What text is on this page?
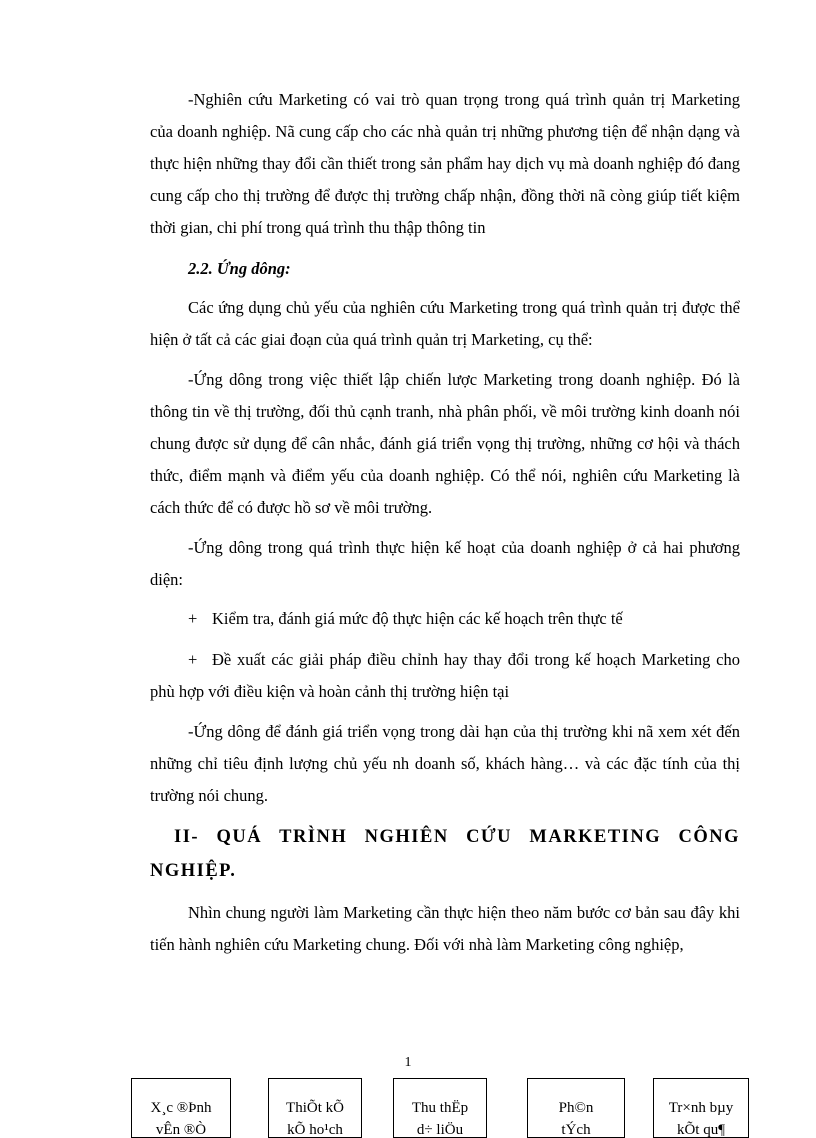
-Nghiên cứu Marketing có vai trò quan trọng trong quá trình quản trị Marketing của doanh nghiệp. Nã cung cấp cho các nhà quản trị những phương tiện để nhận dạng và thực hiện những thay đổi cần thiết trong sản phẩm hay dịch vụ mà doanh nghiệp đó đang cung cấp cho thị trường để được thị trường chấp nhận, đồng thời nã còng giúp tiết kiệm thời gian, chi phí trong quá trình thu thập thông tin

2.2. Ứng dông:

Các ứng dụng chủ yếu của nghiên cứu Marketing trong quá trình quản trị được thể hiện ở tất cả các giai đoạn của quá trình quản trị Marketing, cụ thể:

-Ứng dông trong việc thiết lập chiến lược Marketing trong doanh nghiệp. Đó là thông tin về thị trường, đối thủ cạnh tranh, nhà phân phối, về môi trường kinh doanh nói chung được sử dụng để cân nhắc, đánh giá triển vọng thị trường, những cơ hội và thách thức, điểm mạnh và điểm yếu của doanh nghiệp. Có thể nói, nghiên cứu Marketing là cách thức để có được hồ sơ về môi trường.

-Ứng dông trong quá trình thực hiện kế hoạt của doanh nghiệp ở cả hai phương diện:

+ Kiểm tra, đánh giá mức độ thực hiện các kế hoạch trên thực tế

+ Đề xuất các giải pháp điều chỉnh hay thay đổi trong kế hoạch Marketing cho phù hợp với điều kiện và hoàn cảnh thị trường hiện tại

-Ứng dông để đánh giá triển vọng trong dài hạn của thị trường khi nã xem xét đến những chỉ tiêu định lượng chủ yếu nh doanh số, khách hàng… và các đặc tính của thị trường nói chung.

II- QUÁ TRÌNH NGHIÊN CỨU MARKETING CÔNG NGHIỆP.

Nhìn chung người làm Marketing cần thực hiện theo năm bước cơ bản sau đây khi tiến hành nghiên cứu Marketing chung. Đối với nhà làm Marketing công nghiệp,

1
X¸c ®Þnh
vÊn ®Ò
ThiÕt kÕ
kÕ ho¹ch
Thu thËp
d÷ liÖu
Ph©n
tÝch
Tr×nh bµy
kÕt qu¶
